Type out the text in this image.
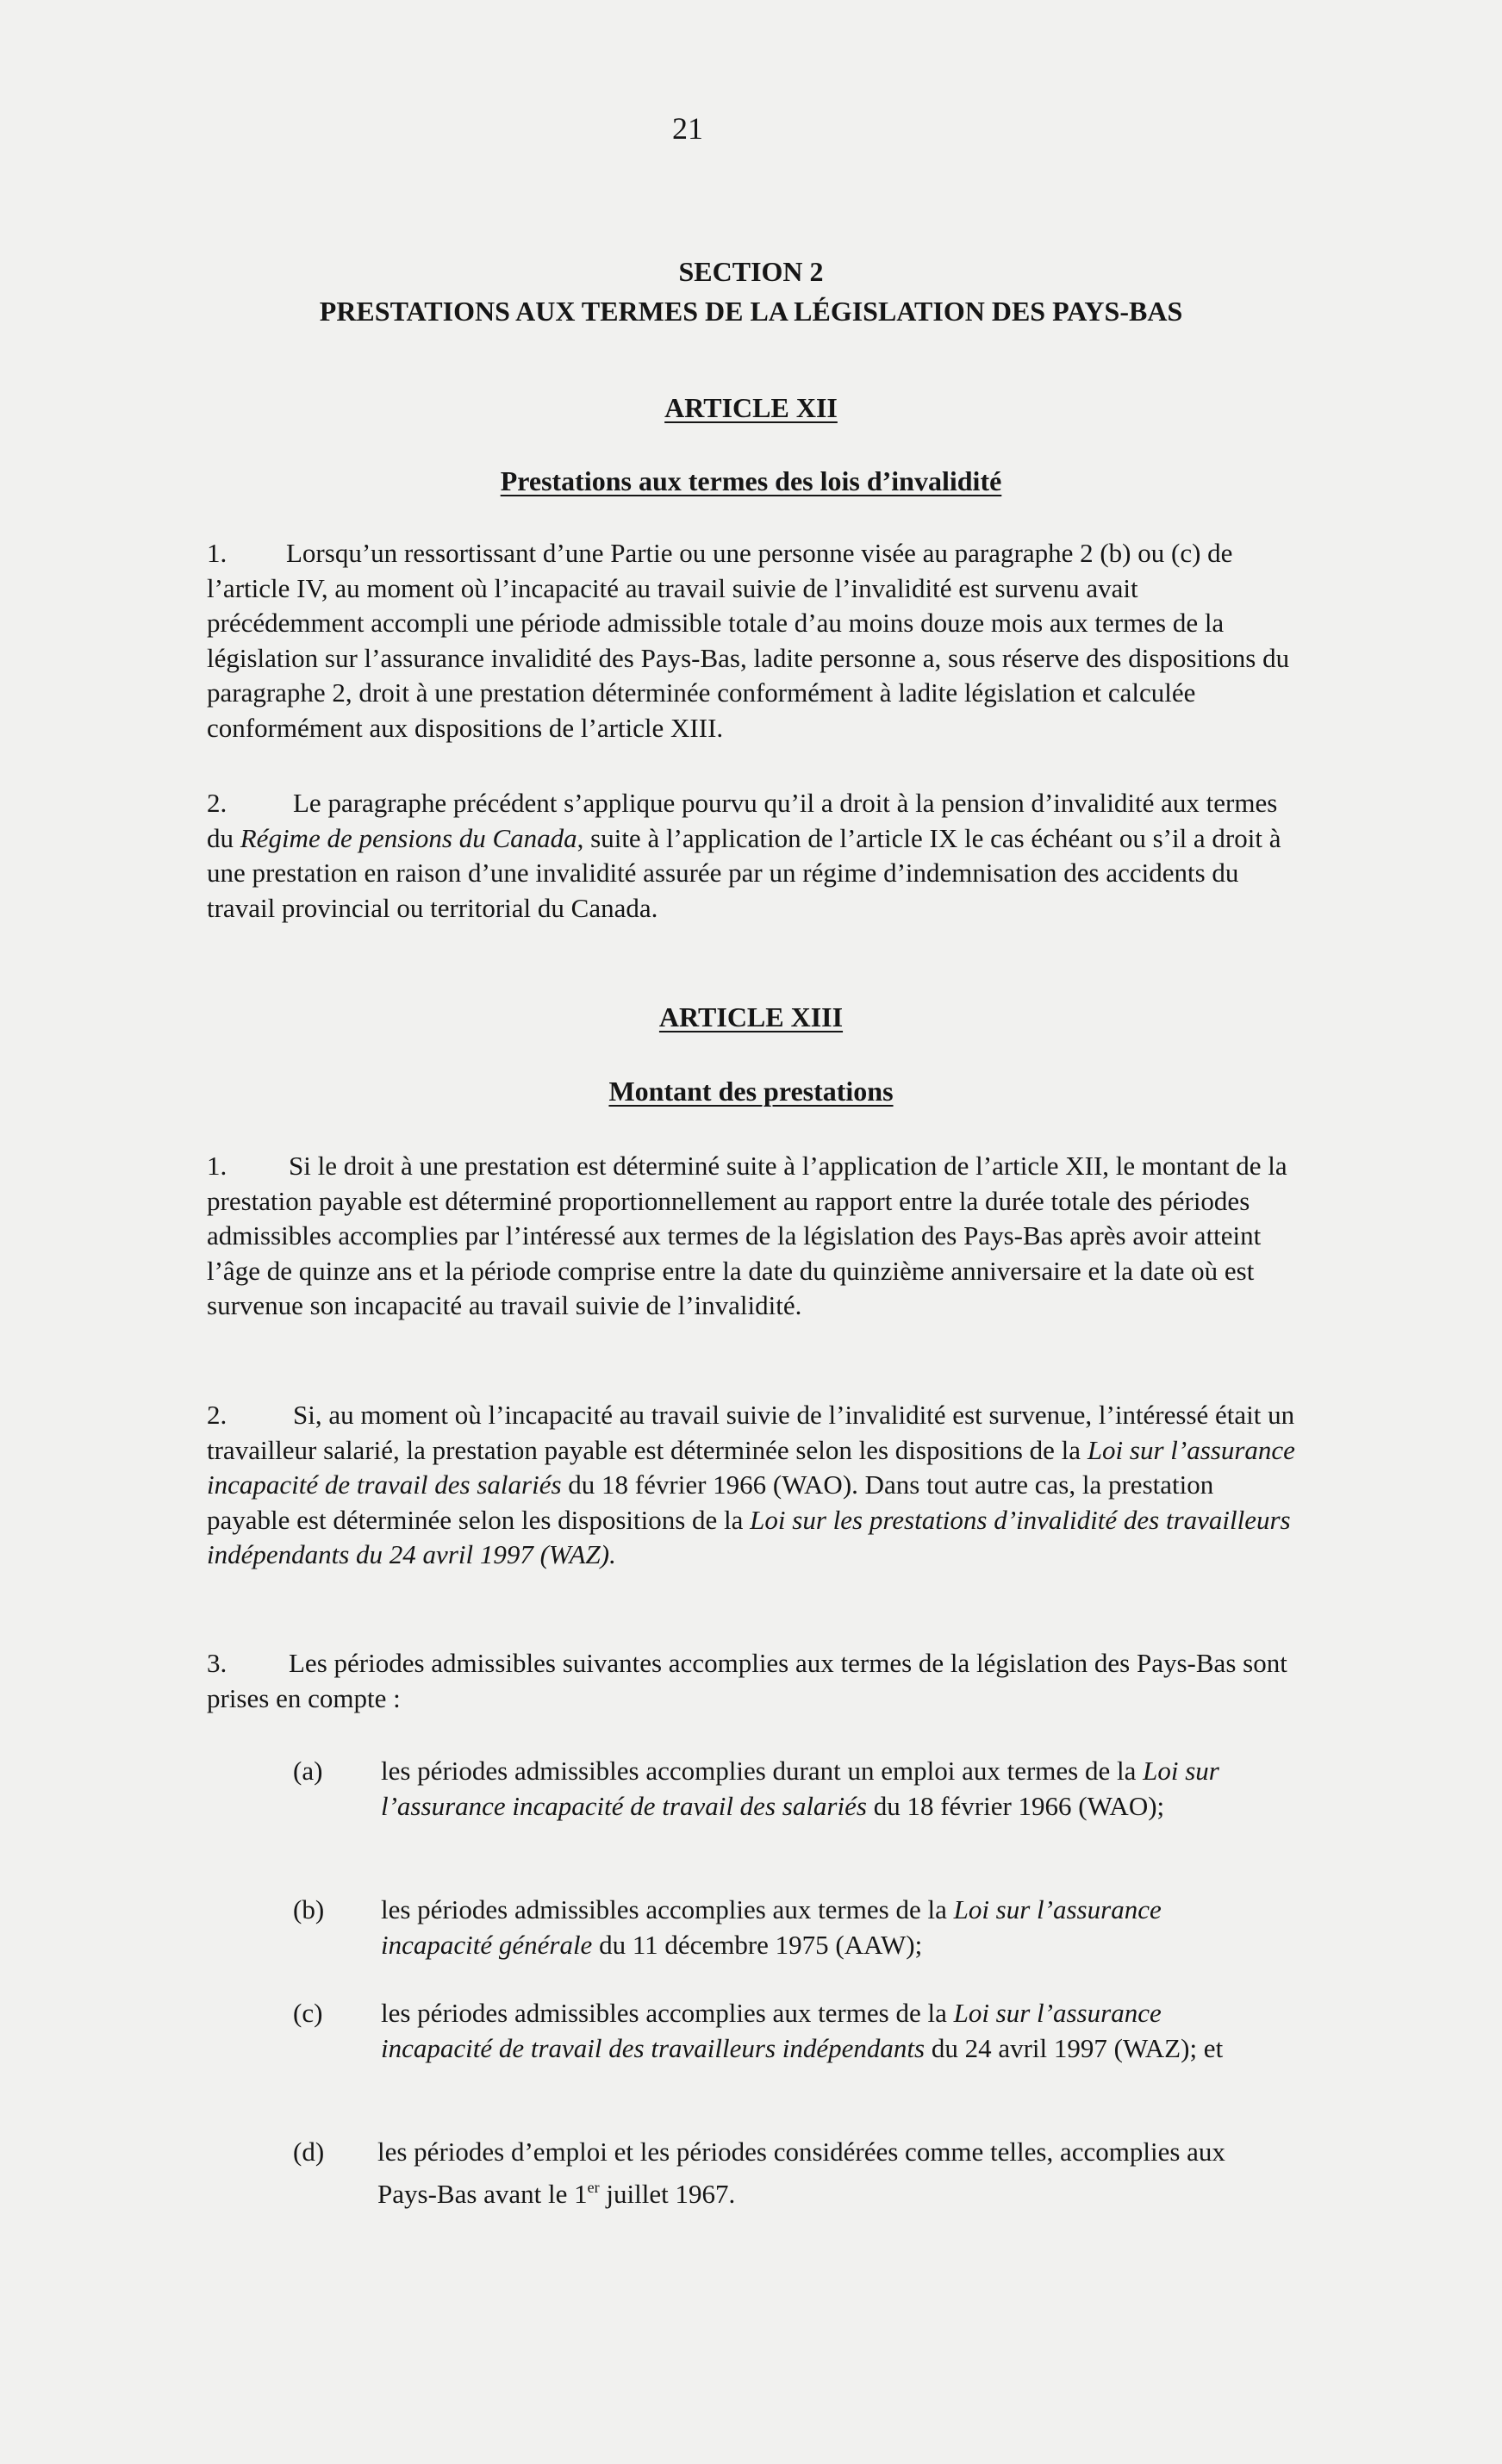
21
SECTION 2
PRESTATIONS AUX TERMES DE LA LÉGISLATION DES PAYS-BAS
ARTICLE XII
Prestations aux termes des lois d’invalidité
1. Lorsqu’un ressortissant d’une Partie ou une personne visée au paragraphe 2 (b) ou (c) de l’article IV, au moment où l’incapacité au travail suivie de l’invalidité est survenu avait précédemment accompli une période admissible totale d’au moins douze mois aux termes de la législation sur l’assurance invalidité des Pays-Bas, ladite personne a, sous réserve des dispositions du paragraphe 2, droit à une prestation déterminée conformément à ladite législation et calculée conformément aux dispositions de l’article XIII.
2. Le paragraphe précédent s’applique pourvu qu’il a droit à la pension d’invalidité aux termes du Régime de pensions du Canada, suite à l’application de l’article IX le cas échéant ou s’il a droit à une prestation en raison d’une invalidité assurée par un régime d’indemnisation des accidents du travail provincial ou territorial du Canada.
ARTICLE XIII
Montant des prestations
1. Si le droit à une prestation est déterminé suite à l’application de l’article XII, le montant de la prestation payable est déterminé proportionnellement au rapport entre la durée totale des périodes admissibles accomplies par l’intéressé aux termes de la législation des Pays-Bas après avoir atteint l’âge de quinze ans et la période comprise entre la date du quinzième anniversaire et la date où est survenue son incapacité au travail suivie de l’invalidité.
2. Si, au moment où l’incapacité au travail suivie de l’invalidité est survenue, l’intéressé était un travailleur salarié, la prestation payable est déterminée selon les dispositions de la Loi sur l’assurance incapacité de travail des salariés du 18 février 1966 (WAO). Dans tout autre cas, la prestation payable est déterminée selon les dispositions de la Loi sur les prestations d’invalidité des travailleurs indépendants du 24 avril 1997 (WAZ).
3. Les périodes admissibles suivantes accomplies aux termes de la législation des Pays-Bas sont prises en compte :
(a) les périodes admissibles accomplies durant un emploi aux termes de la Loi sur l’assurance incapacité de travail des salariés du 18 février 1966 (WAO);
(b) les périodes admissibles accomplies aux termes de la Loi sur l’assurance incapacité générale du 11 décembre 1975 (AAW);
(c) les périodes admissibles accomplies aux termes de la Loi sur l’assurance incapacité de travail des travailleurs indépendants du 24 avril 1997 (WAZ); et
(d) les périodes d’emploi et les périodes considérées comme telles, accomplies aux Pays-Bas avant le 1er juillet 1967.
